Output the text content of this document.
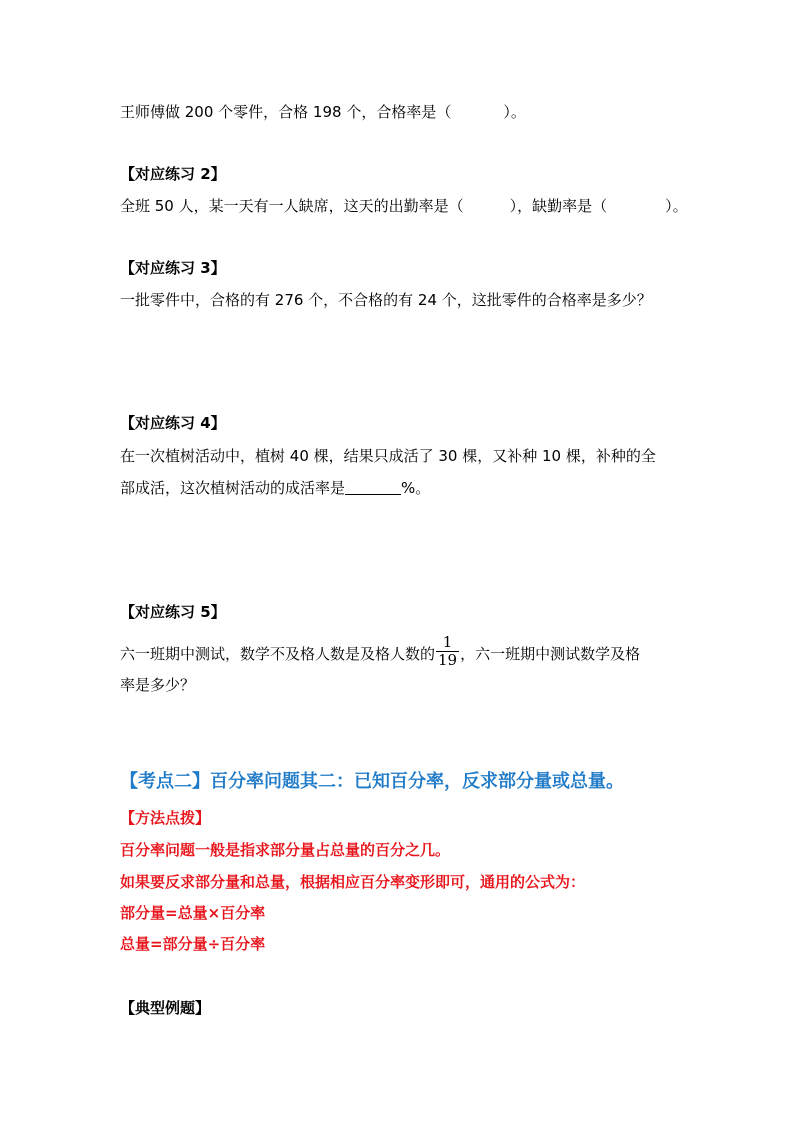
王师傅做 200 个零件，合格 198 个，合格率是（	）。
【对应练习 2】
全班 50 人，某一天有一人缺席，这天的出勤率是（	），缺勤率是（	）。
【对应练习 3】
一批零件中，合格的有 276 个，不合格的有 24 个，这批零件的合格率是多少？
【对应练习 4】
在一次植树活动中，植树 40 棵，结果只成活了 30 棵，又补种 10 棵，补种的全
部成活，这次植树活动的成活率是	%。
【对应练习 5】
六一班期中测试，数学不及格人数是及格人数的 $\frac{1}{19}$ ，六一班期中测试数学及格
率是多少？
【考点二】百分率问题其二：已知百分率，反求部分量或总量。
【方法点拨】
百分率问题一般是指求部分量占总量的百分之几。
如果要反求部分量和总量，根据相应百分率变形即可，通用的公式为：
部分量=总量×百分率
总量=部分量÷百分率
【典型例题】
